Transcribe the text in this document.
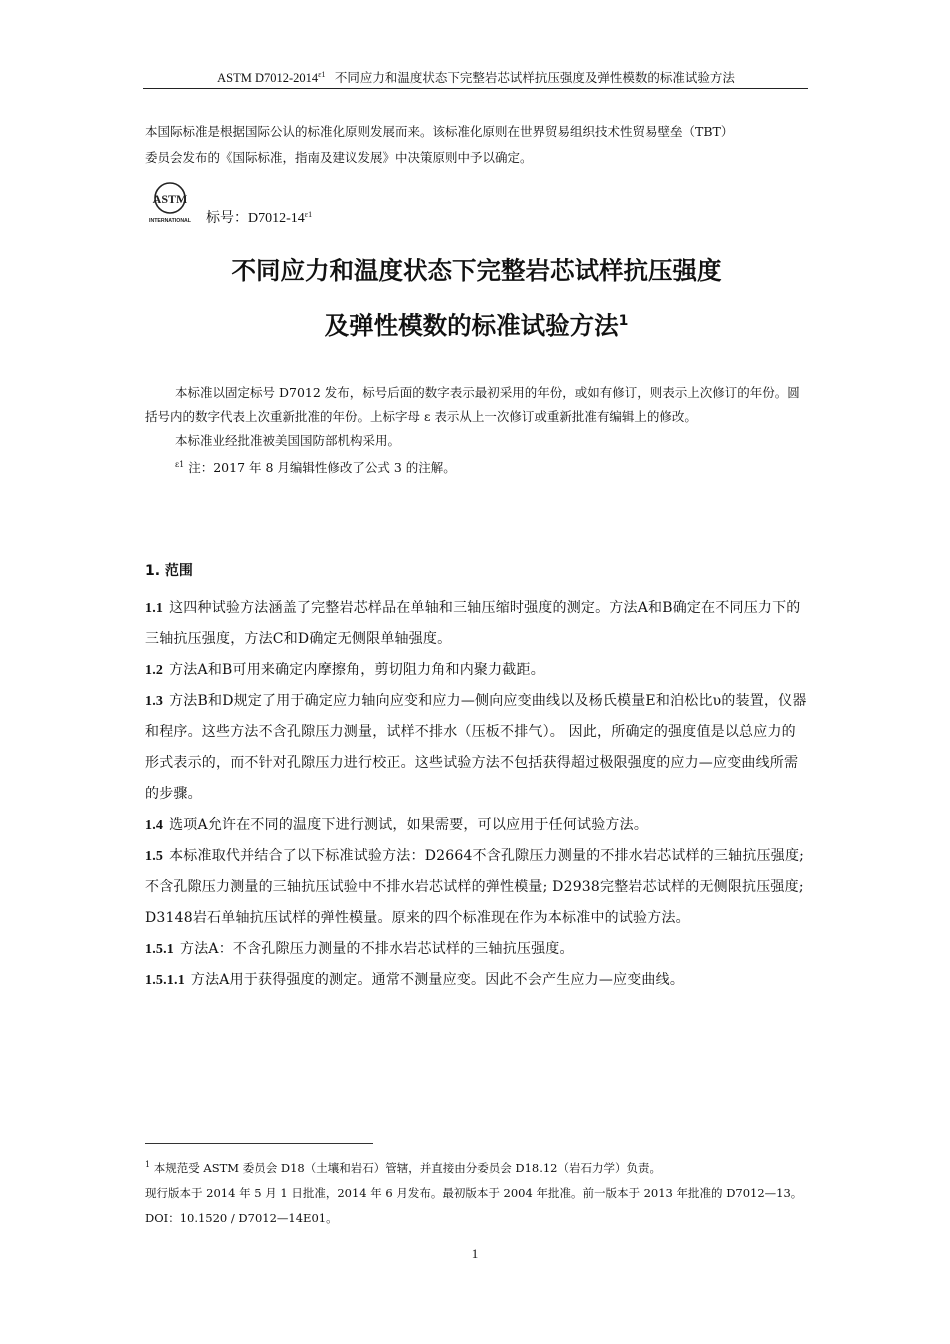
ASTM $D7012-2014^{\varepsilon 1}$ 不同应力和温度状态下完整岩芯试样抗压强度及弹性模数的标准试验方法
本国际标准是根据国际公认的标准化原则发展而来。该标准化原则在世界贸易组织技术性贸易壁垒（TBT）
委员会发布的《国际标准，指南及建议发展》中决策原则中予以确定。
ASTM
INTERNATIONAL 标号：$D7012-14^{\varepsilon 1}$
不同应力和温度状态下完整岩芯试样抗压强度
及弹性模数的标准试验方法$^1$

本标准以固定标号 D7012 发布，标号后面的数字表示最初采用的年份，或如有修订，则表示上次修订的年份。圆括号内的数字代表上次重新批准的年份。上标字母 ε 表示从上一次修订或重新批准有编辑上的修改。

本标准业经批准被美国国防部机构采用。

$^{\varepsilon 1}$ 注：2017 年 8 月编辑性修改了公式 3 的注解。

1. 范围

1.1 这四种试验方法涵盖了完整岩芯样品在单轴和三轴压缩时强度的测定。方法A和B确定在不同压力下的三轴抗压强度，方法C和D确定无侧限单轴强度。

1.2 方法A和B可用来确定内摩擦角，剪切阻力角和内聚力截距。

1.3 方法B和D规定了用于确定应力轴向应变和应力—侧向应变曲线以及杨氏模量E和泊松比υ的装置，仪器和程序。这些方法不含孔隙压力测量，试样不排水（压板不排气）。 因此，所确定的强度值是以总应力的形式表示的，而不针对孔隙压力进行校正。这些试验方法不包括获得超过极限强度的应力—应变曲线所需的步骤。

1.4 选项A允许在不同的温度下进行测试，如果需要，可以应用于任何试验方法。

1.5 本标准取代并结合了以下标准试验方法：D2664不含孔隙压力测量的不排水岩芯试样的三轴抗压强度; 不含孔隙压力测量的三轴抗压试验中不排水岩芯试样的弹性模量; D2938完整岩芯试样的无侧限抗压强度; D3148岩石单轴抗压试样的弹性模量。原来的四个标准现在作为本标准中的试验方法。

1.5.1 方法A：不含孔隙压力测量的不排水岩芯试样的三轴抗压强度。

1.5.1.1 方法A用于获得强度的测定。通常不测量应变。因此不会产生应力—应变曲线。

$^1$ 本规范受 ASTM 委员会 D18（土壤和岩石）管辖，并直接由分委员会 D18.12（岩石力学）负责。

现行版本于 2014 年 5 月 1 日批准，2014 年 6 月发布。最初版本于 2004 年批准。前一版本于 2013 年批准的 D7012—13。DOI：10.1520 / D7012—14E01。

1
